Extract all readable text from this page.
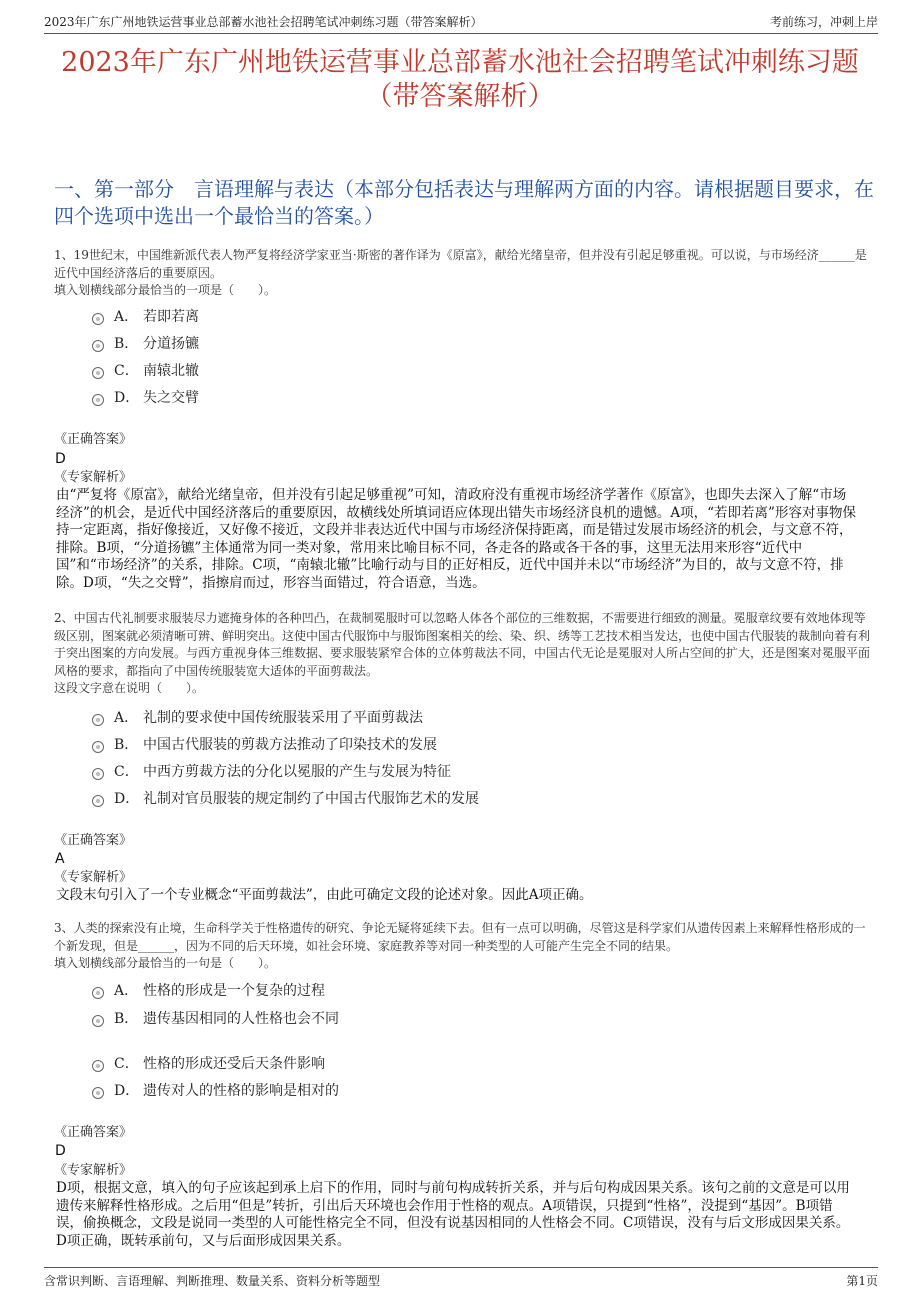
2023年广东广州地铁运营事业总部蓄水池社会招聘笔试冲刺练习题（带答案解析）	考前练习，冲刺上岸
2023年广东广州地铁运营事业总部蓄水池社会招聘笔试冲刺练习题（带答案解析）
一、第一部分　言语理解与表达（本部分包括表达与理解两方面的内容。请根据题目要求，在四个选项中选出一个最恰当的答案。）
1、19世纪末，中国维新派代表人物严复将经济学家亚当·斯密的著作译为《原富》，献给光绪皇帝，但并没有引起足够重视。可以说，与市场经济______是近代中国经济落后的重要原因。
填入划横线部分最恰当的一项是（　　）。
A． 若即若离
B． 分道扬镳
C． 南辕北辙
D． 失之交臂
《正确答案》
D
《专家解析》
由“严复将《原富》，献给光绪皇帝，但并没有引起足够重视”可知，清政府没有重视市场经济学著作《原富》，也即失去深入了解“市场经济”的机会，是近代中国经济落后的重要原因，故横线处所填词语应体现出错失市场经济良机的遗憾。A项，“若即若离”形容对事物保持一定距离，指好像接近，又好像不接近，文段并非表达近代中国与市场经济保持距离，而是错过发展市场经济的机会，与文意不符，排除。B项，“分道扬镳”主体通常为同一类对象，常用来比喻目标不同，各走各的路或各干各的事，这里无法用来形容“近代中国”和“市场经济”的关系，排除。C项，“南辕北辙”比喻行动与目的正好相反，近代中国并未以“市场经济”为目的，故与文意不符，排除。D项，“失之交臂”，指擦肩而过，形容当面错过，符合语意，当选。
2、中国古代礼制要求服装尽力遮掩身体的各种凹凸，在裁制冕服时可以忽略人体各个部位的三维数据，不需要进行细致的测量。冕服章纹要有效地体现等级区别，图案就必须清晰可辨、鲜明突出。这使中国古代服饰中与服饰图案相关的绘、染、织、绣等工艺技术相当发达，也使中国古代服装的裁制向着有利于突出图案的方向发展。与西方重视身体三维数据、要求服装紧窄合体的立体剪裁法不同，中国古代无论是冕服对人所占空间的扩大，还是图案对冕服平面风格的要求，都指向了中国传统服装宽大适体的平面剪裁法。
这段文字意在说明（　　）。
A． 礼制的要求使中国传统服装采用了平面剪裁法
B． 中国古代服装的剪裁方法推动了印染技术的发展
C． 中西方剪裁方法的分化以冕服的产生与发展为特征
D． 礼制对官员服装的规定制约了中国古代服饰艺术的发展
《正确答案》
A
《专家解析》
文段末句引入了一个专业概念“平面剪裁法”，由此可确定文段的论述对象。因此A项正确。
3、人类的探索没有止境，生命科学关于性格遗传的研究、争论无疑将延续下去。但有一点可以明确，尽管这是科学家们从遗传因素上来解释性格形成的一个新发现，但是______，因为不同的后天环境，如社会环境、家庭教养等对同一种类型的人可能产生完全不同的结果。
填入划横线部分最恰当的一句是（　　）。
A． 性格的形成是一个复杂的过程
B． 遗传基因相同的人性格也会不同
C． 性格的形成还受后天条件影响
D． 遗传对人的性格的影响是相对的
《正确答案》
D
《专家解析》
D项，根据文意，填入的句子应该起到承上启下的作用，同时与前句构成转折关系，并与后句构成因果关系。该句之前的文意是可以用遗传来解释性格形成。之后用“但是”转折，引出后天环境也会作用于性格的观点。A项错误，只提到“性格”，没提到“基因”。B项错误，偷换概念，文段是说同一类型的人可能性格完全不同，但没有说基因相同的人性格会不同。C项错误，没有与后文形成因果关系。D项正确，既转承前句，又与后面形成因果关系。
含常识判断、言语理解、判断推理、数量关系、资料分析等题型	第1页
